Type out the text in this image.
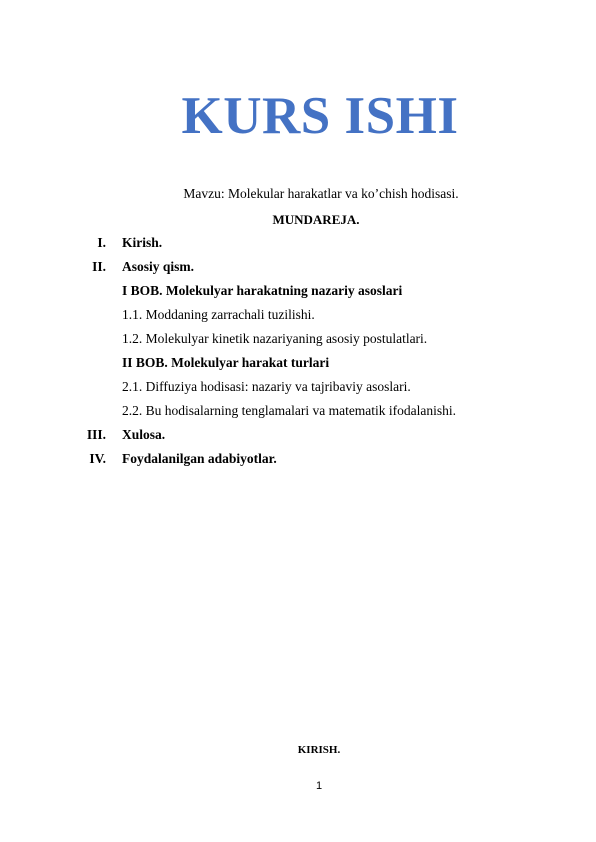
KURS ISHI
Mavzu: Molekular harakatlar va ko’chish hodisasi.
MUNDAREJA.
I. Kirish.
II. Asosiy qism.
I BOB. Molekulyar harakatning nazariy asoslari
1.1. Moddaning zarrachali tuzilishi.
1.2. Molekulyar kinetik nazariyaning asosiy postulatlari.
II BOB. Molekulyar harakat turlari
2.1. Diffuziya hodisasi: nazariy va tajribaviy asoslari.
2.2. Bu hodisalarning tenglamalari va matematik ifodalanishi.
III. Xulosa.
IV. Foydalanilgan adabiyotlar.
KIRISH.
1
